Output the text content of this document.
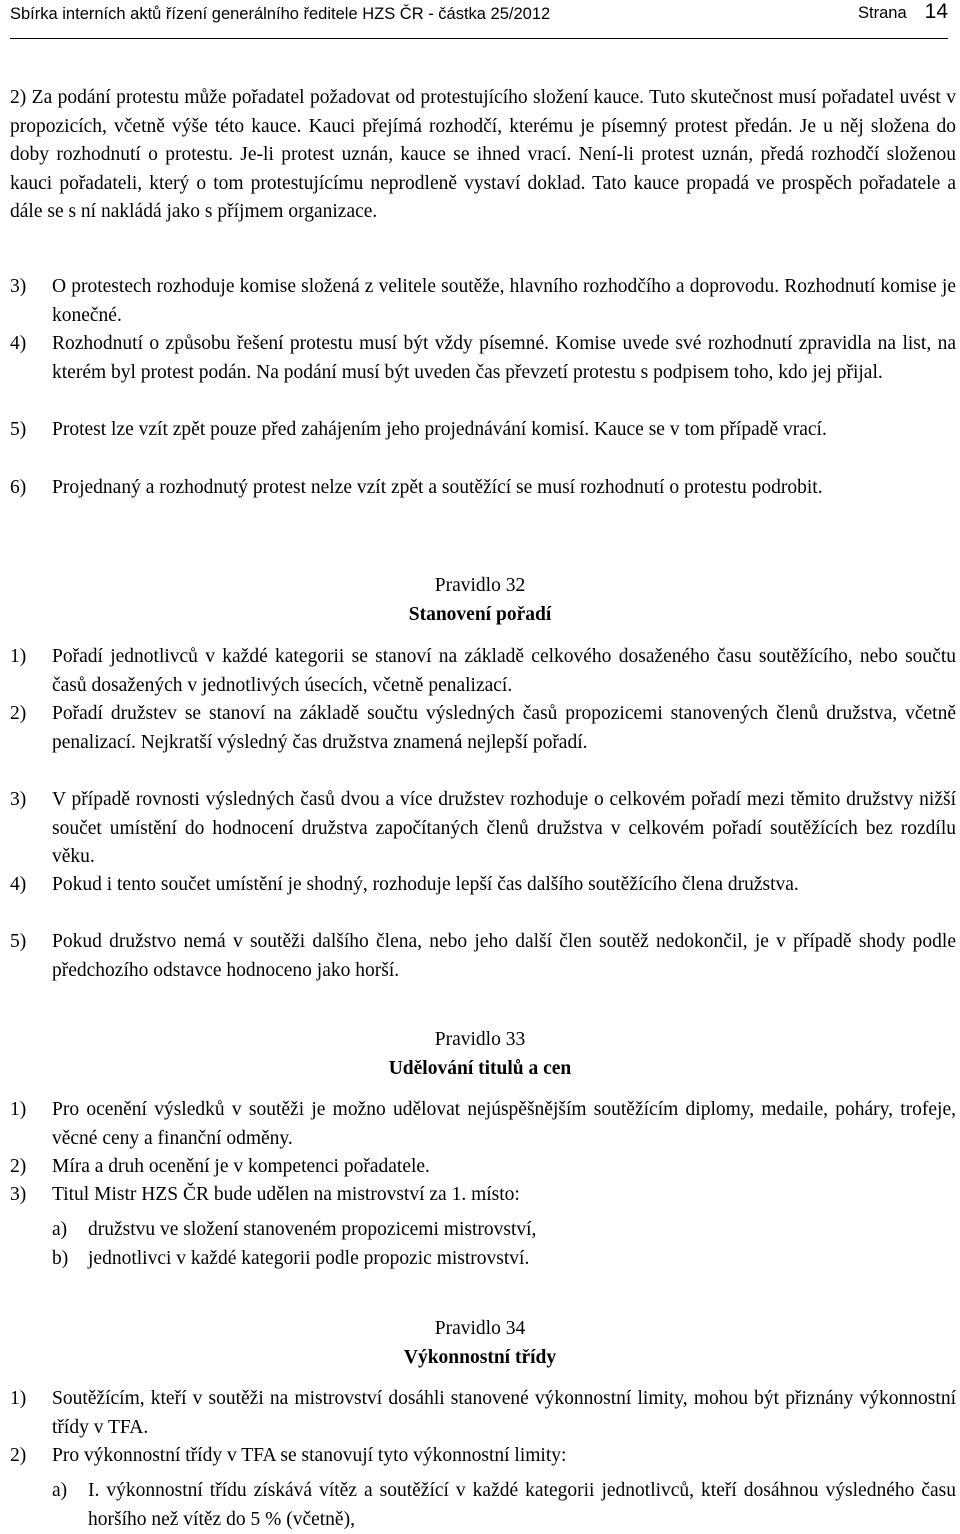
Sbírka interních aktů řízení generálního ředitele HZS ČR - částka 25/2012	Strana 14
2) Za podání protestu může pořadatel požadovat od protestujícího složení kauce. Tuto skutečnost musí pořadatel uvést v propozicích, včetně výše této kauce. Kauci přejímá rozhodčí, kterému je písemný protest předán. Je u něj složena do doby rozhodnutí o protestu. Je-li protest uznán, kauce se ihned vrací. Není-li protest uznán, předá rozhodčí složenou kauci pořadateli, který o tom protestujícímu neprodleně vystaví doklad. Tato kauce propadá ve prospěch pořadatele a dále se s ní nakládá jako s příjmem organizace.
3)	O protestech rozhoduje komise složená z velitele soutěže, hlavního rozhodčího a doprovodu. Rozhodnutí komise je konečné.
4)	Rozhodnutí o způsobu řešení protestu musí být vždy písemné. Komise uvede své rozhodnutí zpravidla na list, na kterém byl protest podán. Na podání musí být uveden čas převzetí protestu s podpisem toho, kdo jej přijal.
5)	Protest lze vzít zpět pouze před zahájením jeho projednávání komisí. Kauce se v tom případě vrací.
6)	Projednaný a rozhodnutý protest nelze vzít zpět a soutěžící se musí rozhodnutí o protestu podrobit.
Pravidlo 32
Stanovení pořadí
1)	Pořadí jednotlivců v každé kategorii se stanoví na základě celkového dosaženého času soutěžícího, nebo součtu časů dosažených v jednotlivých úsecích, včetně penalizací.
2)	Pořadí družstev se stanoví na základě součtu výsledných časů propozicemi stanovených členů družstva, včetně penalizací. Nejkratší výsledný čas družstva znamená nejlepší pořadí.
3)	V případě rovnosti výsledných časů dvou a více družstev rozhoduje o celkovém pořadí mezi těmito družstvy nižší součet umístění do hodnocení družstva započítaných členů družstva v celkovém pořadí soutěžících bez rozdílu věku.
4)	Pokud i tento součet umístění je shodný, rozhoduje lepší čas dalšího soutěžícího člena družstva.
5)	Pokud družstvo nemá v soutěži dalšího člena, nebo jeho další člen soutěž nedokončil, je v případě shody podle předchozího odstavce hodnoceno jako horší.
Pravidlo 33
Udělování titulů a cen
1)	Pro ocenění výsledků v soutěži je možno udělovat nejúspěšnějším soutěžícím diplomy, medaile, poháry, trofeje, věcné ceny a finanční odměny.
2)	Míra a druh ocenění je v kompetenci pořadatele.
3)	Titul Mistr HZS ČR bude udělen na mistrovství za 1. místo:
a)	družstvu ve složení stanoveném propozicemi mistrovství,
b)	jednotlivci v každé kategorii podle propozic mistrovství.
Pravidlo 34
Výkonnostní třídy
1)	Soutěžícím, kteří v soutěži na mistrovství dosáhli stanovené výkonnostní limity, mohou být přiznány výkonnostní třídy v TFA.
2)	Pro výkonnostní třídy v TFA se stanovují tyto výkonnostní limity:
a)	I. výkonnostní třídu získává vítěz a soutěžící v každé kategorii jednotlivců, kteří dosáhnou výsledného času horšího než vítěz do 5 % (včetně),
